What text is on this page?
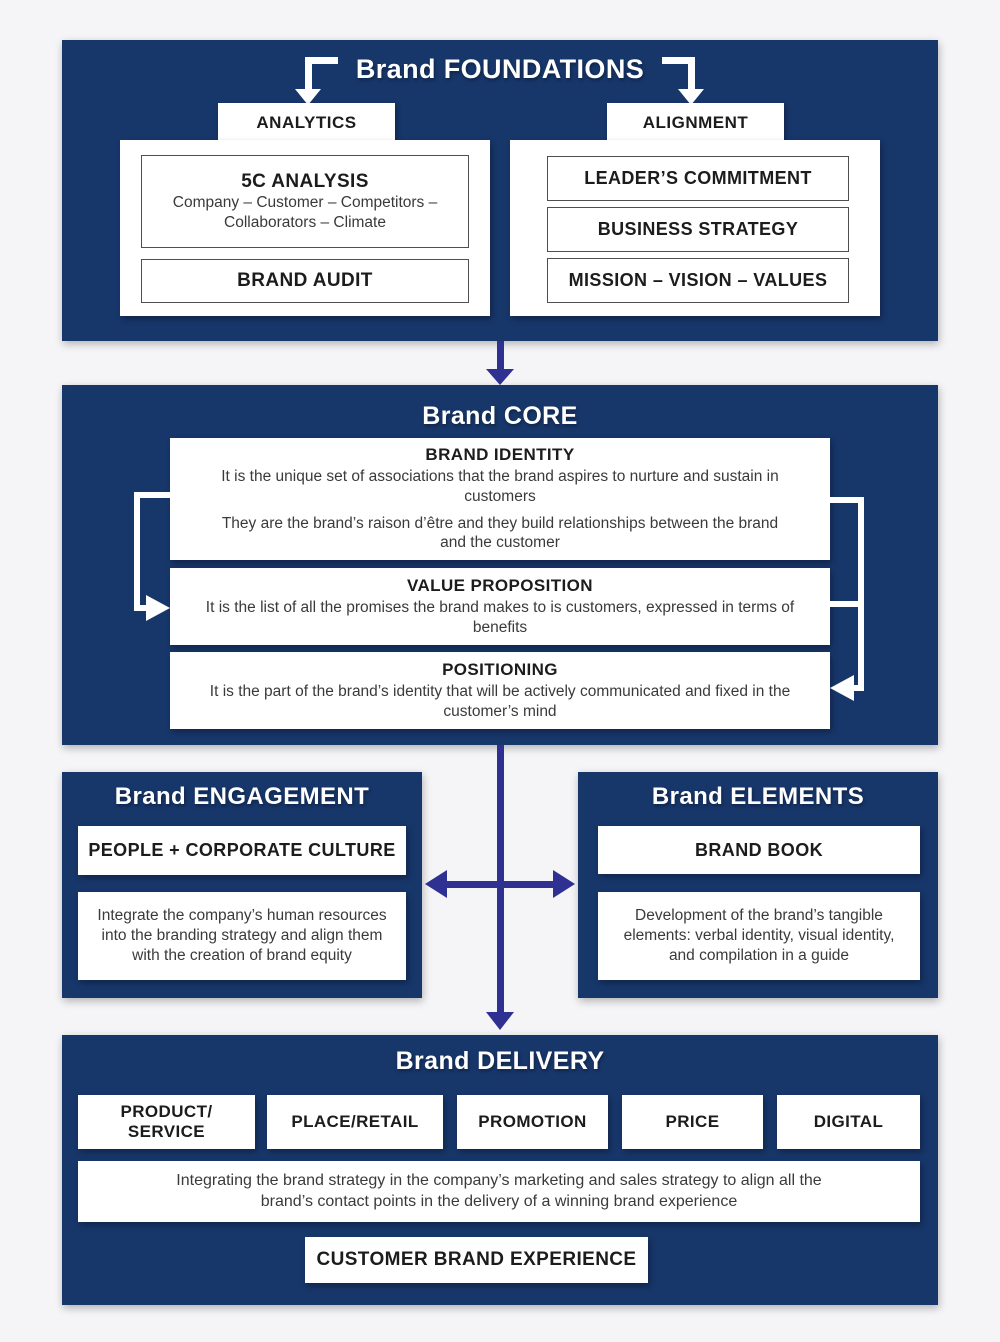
Brand FOUNDATIONS
ANALYTICS	ALIGNMENT
5C ANALYSIS
Company – Customer – Competitors – Collaborators – Climate
BRAND AUDIT
LEADER’S COMMITMENT
BUSINESS STRATEGY
MISSION – VISION – VALUES
Brand CORE
BRAND IDENTITY
It is the unique set of associations that the brand aspires to nurture and sustain in customers
They are the brand’s raison d’être and they build relationships between the brand and the customer
VALUE PROPOSITION
It is the list of all the promises the brand makes to is customers, expressed in terms of benefits
POSITIONING
It is the part of the brand’s identity that will be actively communicated and fixed in the customer’s mind
Brand ENGAGEMENT
PEOPLE + CORPORATE CULTURE
Integrate the company’s human resources into the branding strategy and align them with the creation of brand equity
Brand ELEMENTS
BRAND BOOK
Development of the brand’s tangible elements: verbal identity, visual identity, and compilation in a guide
Brand DELIVERY
PRODUCT/ SERVICE
PLACE/RETAIL	PROMOTION	PRICE	DIGITAL
Integrating the brand strategy in the company’s marketing and sales strategy to align all the brand’s contact points in the delivery of a winning brand experience
CUSTOMER BRAND EXPERIENCE
